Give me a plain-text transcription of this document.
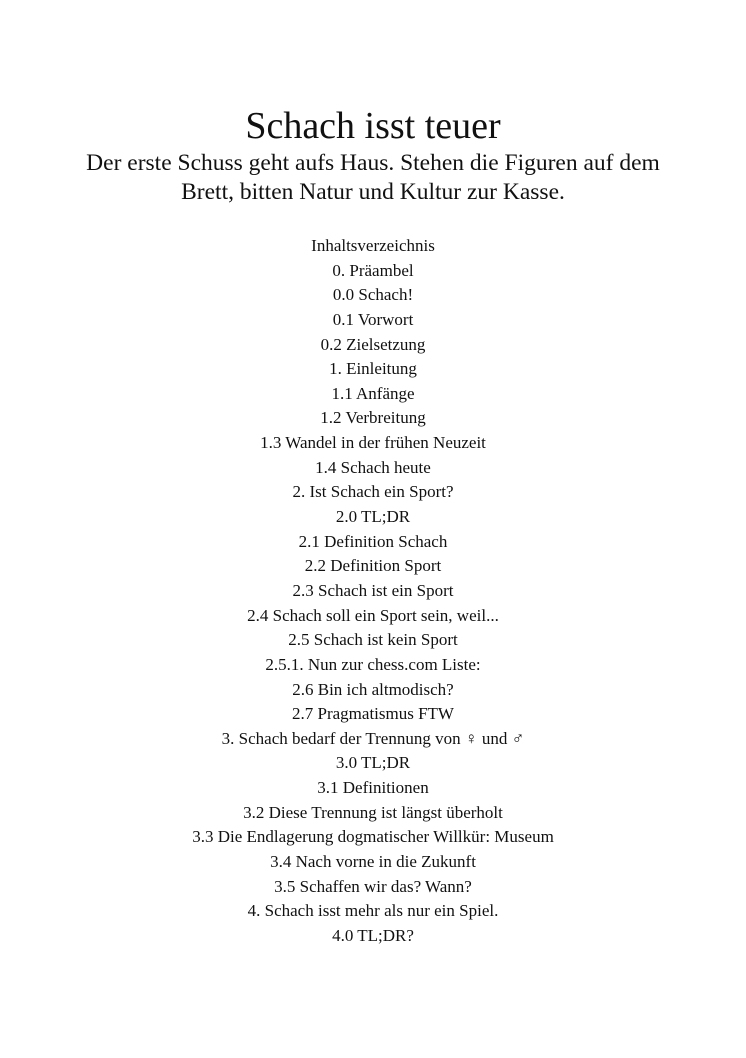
Schach isst teuer

Der erste Schuss geht aufs Haus. Stehen die Figuren auf dem Brett, bitten Natur und Kultur zur Kasse.

Inhaltsverzeichnis
0. Präambel
0.0 Schach!
0.1 Vorwort
0.2 Zielsetzung
1. Einleitung
1.1 Anfänge
1.2 Verbreitung
1.3 Wandel in der frühen Neuzeit
1.4 Schach heute
2. Ist Schach ein Sport?
2.0 TL;DR
2.1 Definition Schach
2.2 Definition Sport
2.3 Schach ist ein Sport
2.4 Schach soll ein Sport sein, weil...
2.5 Schach ist kein Sport
2.5.1. Nun zur chess.com Liste:
2.6 Bin ich altmodisch?
2.7 Pragmatismus FTW
3. Schach bedarf der Trennung von ♀ und ♂
3.0 TL;DR
3.1 Definitionen
3.2 Diese Trennung ist längst überholt
3.3 Die Endlagerung dogmatischer Willkür: Museum
3.4 Nach vorne in die Zukunft
3.5 Schaffen wir das? Wann?
4. Schach isst mehr als nur ein Spiel.
4.0 TL;DR?
